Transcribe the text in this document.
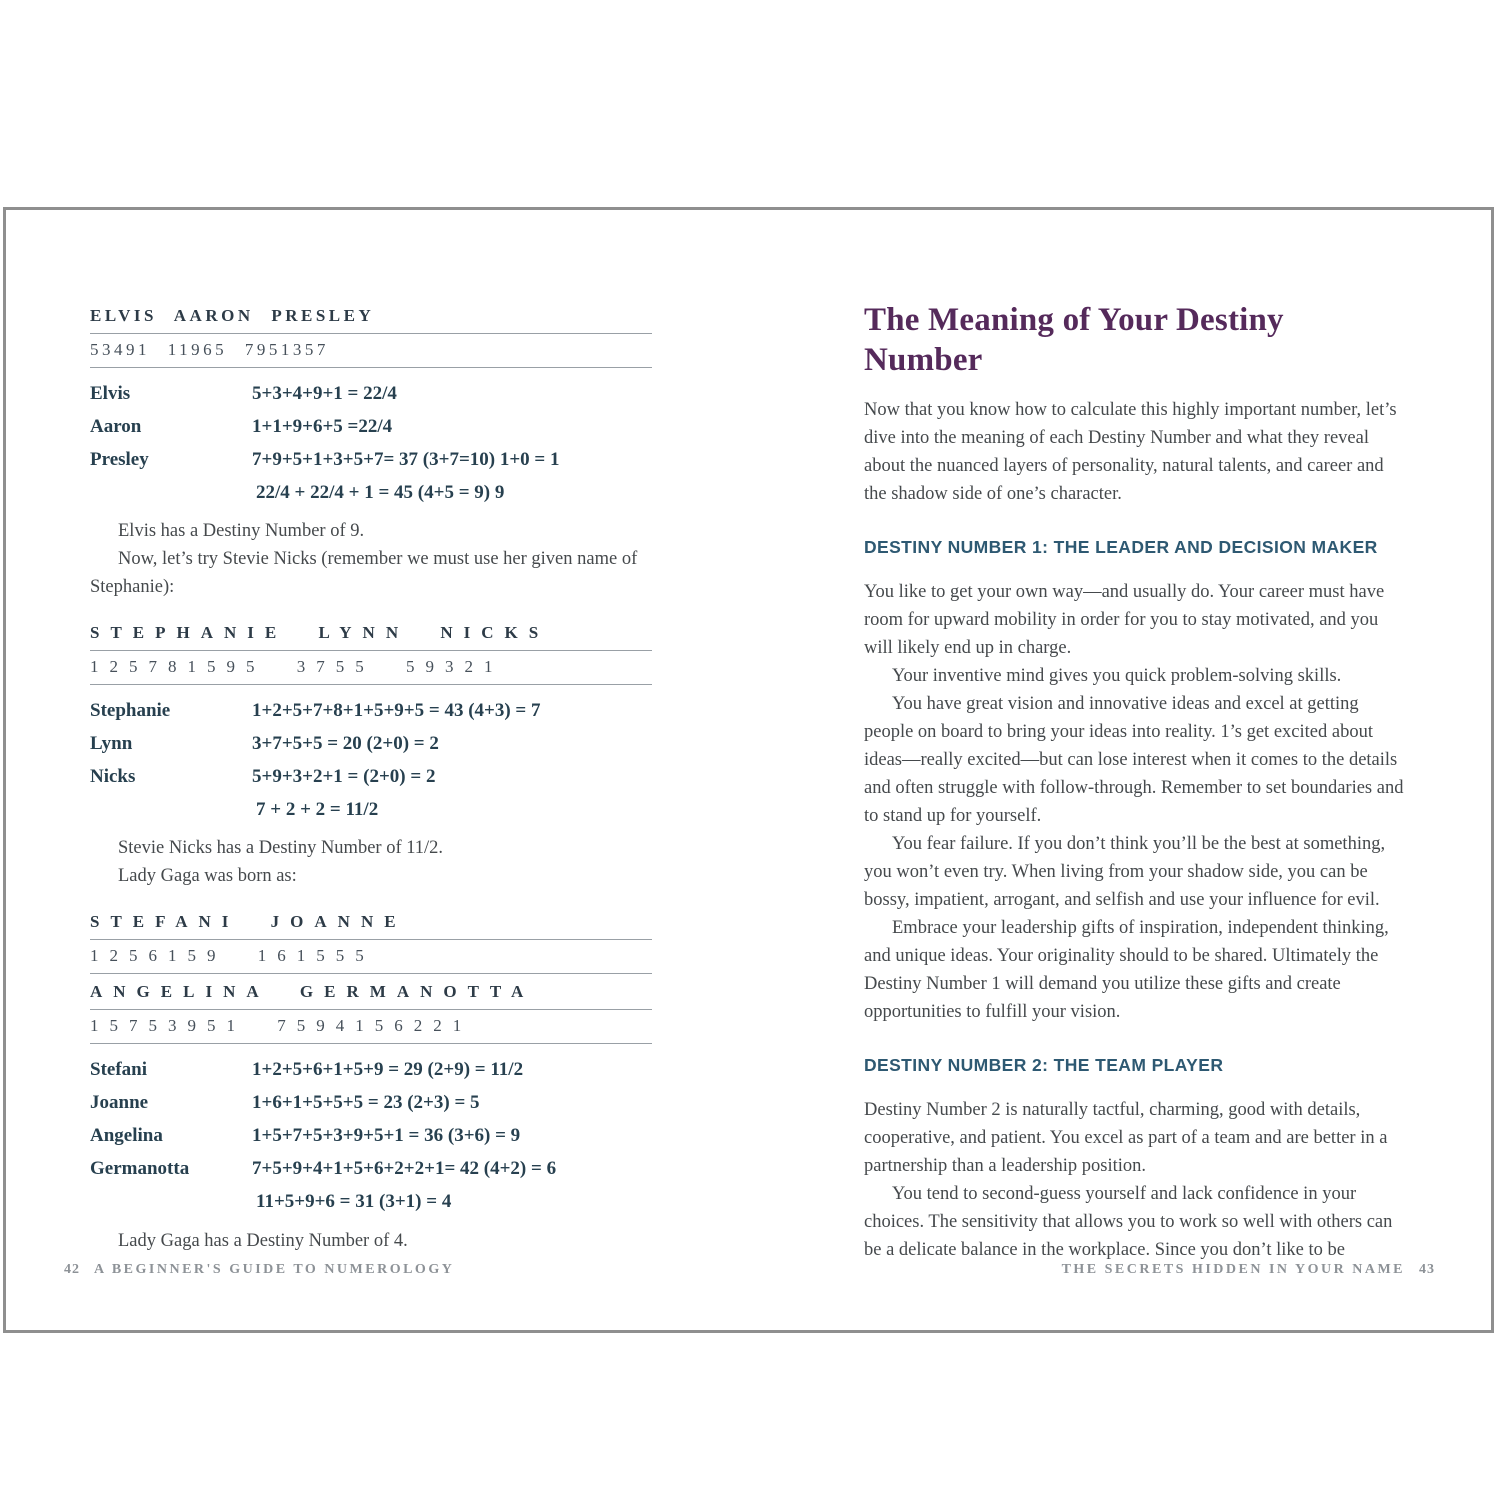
ELVIS AARON PRESLEY
53491 11965 7951357
Elvis	5+3+4+9+1 = 22/4
Aaron	1+1+9+6+5 =22/4
Presley	7+9+5+1+3+5+7= 37 (3+7=10) 1+0 = 1
22/4 + 22/4 + 1 = 45 (4+5 = 9) 9

Elvis has a Destiny Number of 9.

Now, let’s try Stevie Nicks (remember we must use her given name of Stephanie):

STEPHANIE LYNN NICKS
125781595 3755 59321
Stephanie	1+2+5+7+8+1+5+9+5 = 43 (4+3) = 7
Lynn	3+7+5+5 = 20 (2+0) = 2
Nicks	5+9+3+2+1 = (2+0) = 2
7 + 2 + 2 = 11/2

Stevie Nicks has a Destiny Number of 11/2.

Lady Gaga was born as:

STEFANI JOANNE
1256159 161555
ANGELINA GERMANOTTA
15753951 7594156221
Stefani	1+2+5+6+1+5+9 = 29 (2+9) = 11/2
Joanne	1+6+1+5+5+5 = 23 (2+3) = 5
Angelina	1+5+7+5+3+9+5+1 = 36 (3+6) = 9
Germanotta	7+5+9+4+1+5+6+2+2+1= 42 (4+2) = 6
11+5+9+6 = 31 (3+1) = 4

Lady Gaga has a Destiny Number of 4.

The Meaning of Your Destiny Number

Now that you know how to calculate this highly important number, let’s dive into the meaning of each Destiny Number and what they reveal about the nuanced layers of personality, natural talents, and career and the shadow side of one’s character.

DESTINY NUMBER 1: THE LEADER AND DECISION MAKER

You like to get your own way—and usually do. Your career must have room for upward mobility in order for you to stay motivated, and you will likely end up in charge.

Your inventive mind gives you quick problem-solving skills.

You have great vision and innovative ideas and excel at getting people on board to bring your ideas into reality. 1’s get excited about ideas—really excited—but can lose interest when it comes to the details and often struggle with follow-through. Remember to set boundaries and to stand up for yourself.

You fear failure. If you don’t think you’ll be the best at something, you won’t even try. When living from your shadow side, you can be bossy, impatient, arrogant, and selfish and use your influence for evil.

Embrace your leadership gifts of inspiration, independent thinking, and unique ideas. Your originality should to be shared. Ultimately the Destiny Number 1 will demand you utilize these gifts and create opportunities to fulfill your vision.

DESTINY NUMBER 2: THE TEAM PLAYER

Destiny Number 2 is naturally tactful, charming, good with details, cooperative, and patient. You excel as part of a team and are better in a partnership than a leadership position.

You tend to second-guess yourself and lack confidence in your choices. The sensitivity that allows you to work so well with others can be a delicate balance in the workplace. Since you don’t like to be

42 A BEGINNER'S GUIDE TO NUMEROLOGY	THE SECRETS HIDDEN IN YOUR NAME 43
